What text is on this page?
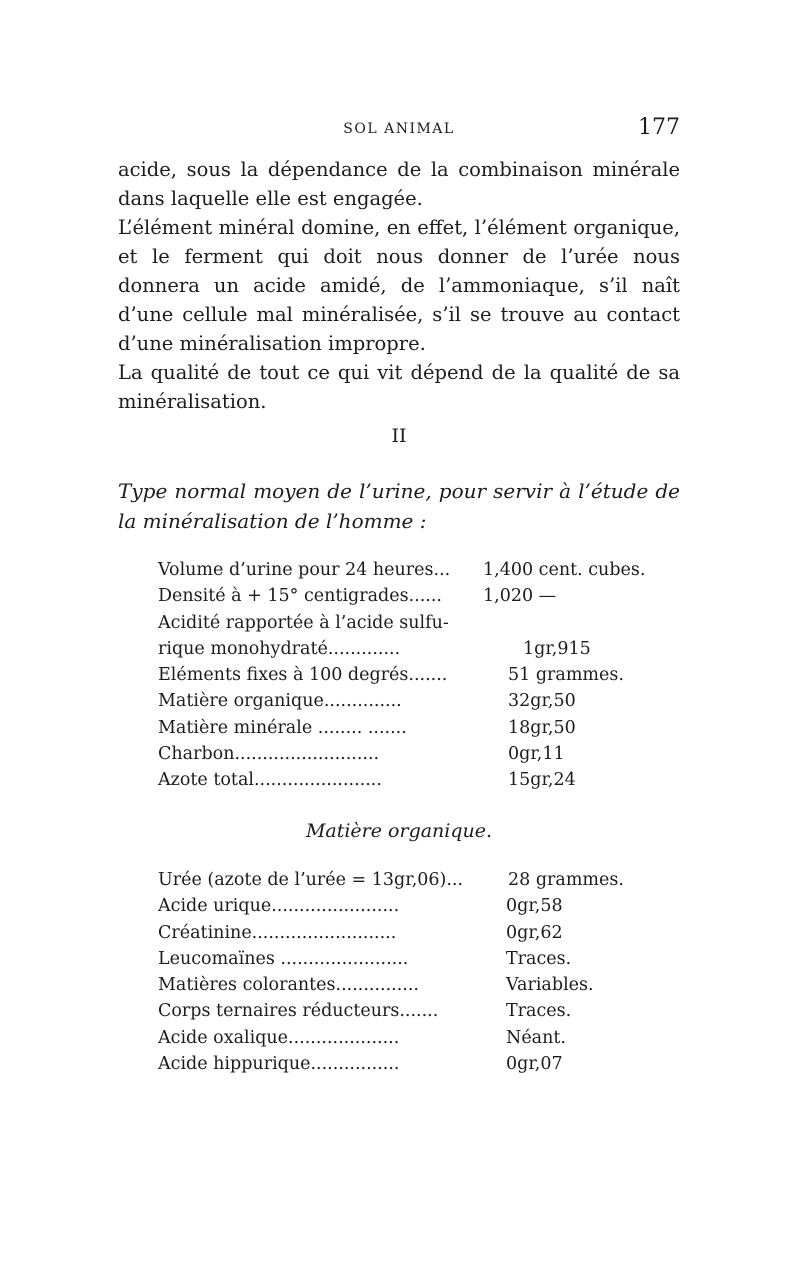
SOL ANIMAL	177

acide, sous la dépendance de la combinaison minérale dans laquelle elle est engagée.

L’élément minéral domine, en effet, l’élément organique, et le ferment qui doit nous donner de l’urée nous donnera un acide amidé, de l’ammoniaque, s’il naît d’une cellule mal minéralisée, s’il se trouve au contact d’une minéralisation impropre.

La qualité de tout ce qui vit dépend de la qualité de sa minéralisation.

II
Type normal moyen de l’urine, pour servir à l’étude de la minéralisation de l’homme :
Volume d’urine pour 24 heures... 1,400 cent. cubes.
Densité à + 15° centigrades...... 1,020 —
Acidité rapportée à l’acide sulfu-
rique monohydraté.............	1gr,915
Eléments fixes à 100 degrés.......	51 grammes.
Matière organique..............	32gr,50
Matière minérale ........ .......	18gr,50
Charbon..........................	0gr,11
Azote total.......................	15gr,24
Matière organique.
Urée (azote de l’urée = 13gr,06)...	28 grammes.
Acide urique.......................	0gr,58
Créatinine..........................	0gr,62
Leucomaïnes .......................	Traces.
Matières colorantes...............	Variables.
Corps ternaires réducteurs.......	Traces.
Acide oxalique....................	Néant.
Acide hippurique................	0gr,07
